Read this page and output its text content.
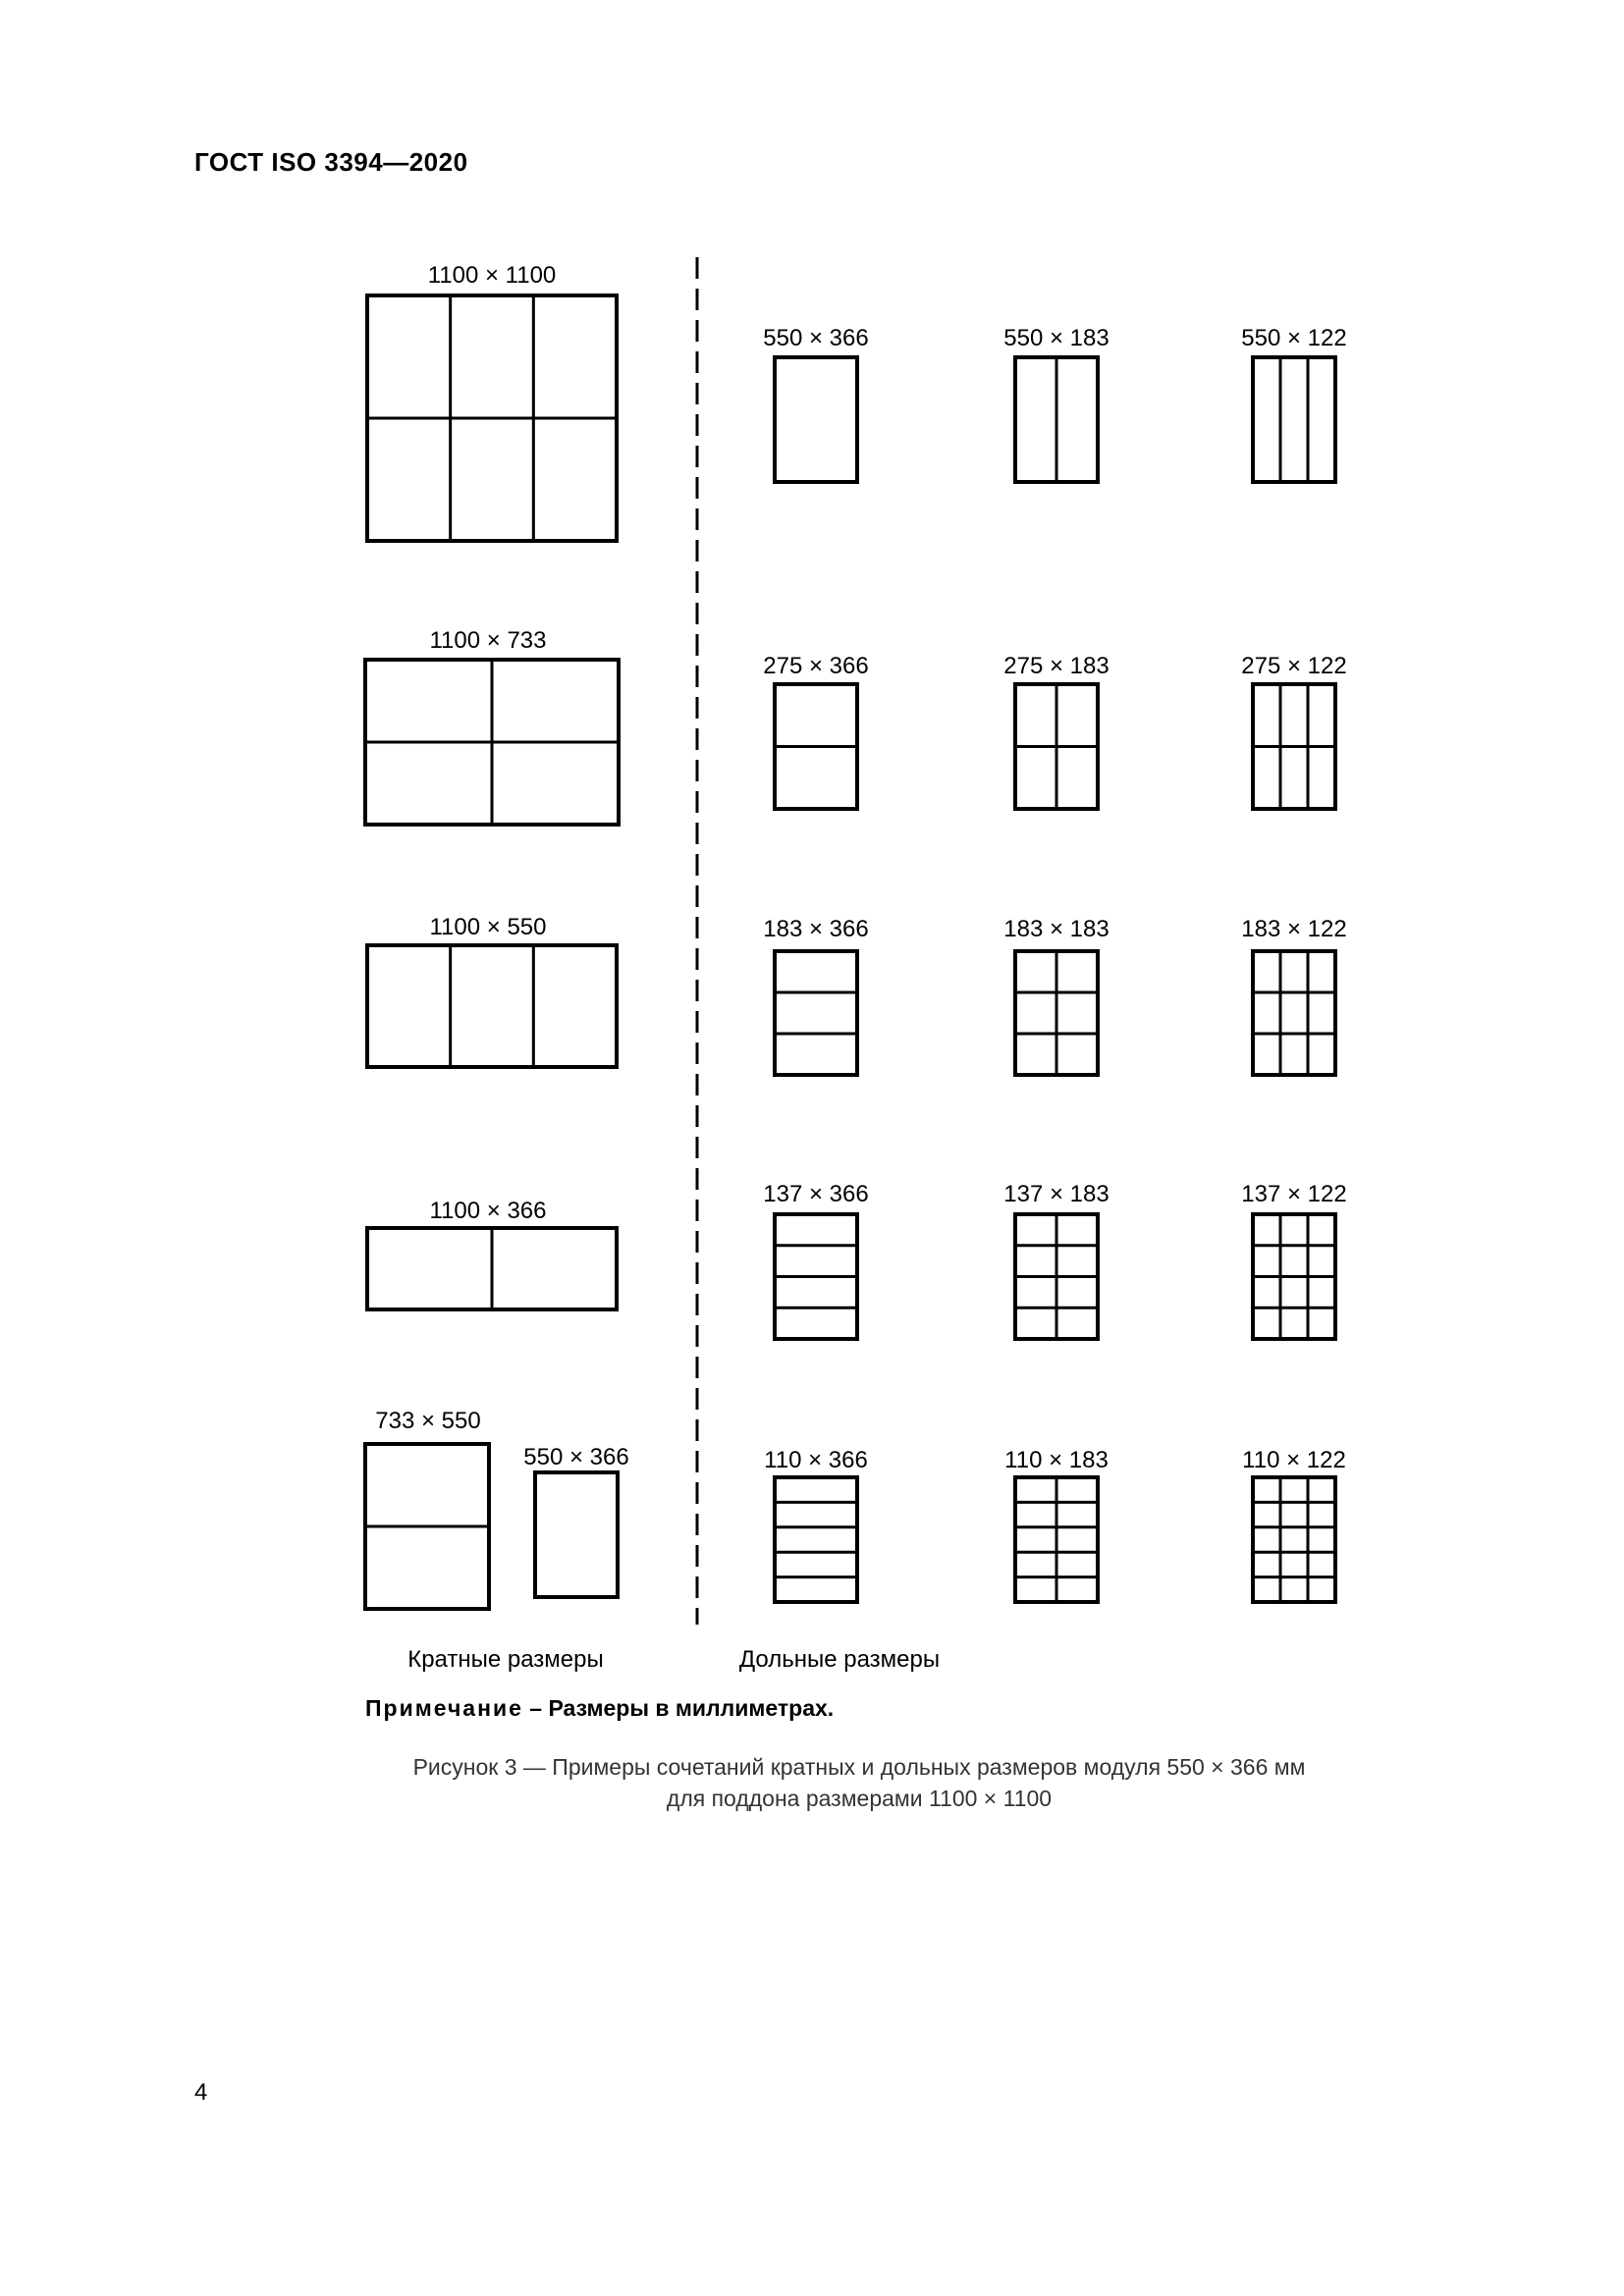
ГОСТ ISO 3394—2020
1100 × 1100
1100 × 733
1100 × 550
1100 × 366
733 × 550
550 × 366
550 × 366	550 × 183	550 × 122
275 × 366	275 × 183	275 × 122
183 × 366	183 × 183	183 × 122
137 × 366	137 × 183	137 × 122
110 × 366	110 × 183	110 × 122
Кратные размеры	Дольные размеры
Примечание – Размеры в миллиметрах.
Рисунок 3 — Примеры сочетаний кратных и дольных размеров модуля 550 × 366 мм
для поддона размерами 1100 × 1100
4
